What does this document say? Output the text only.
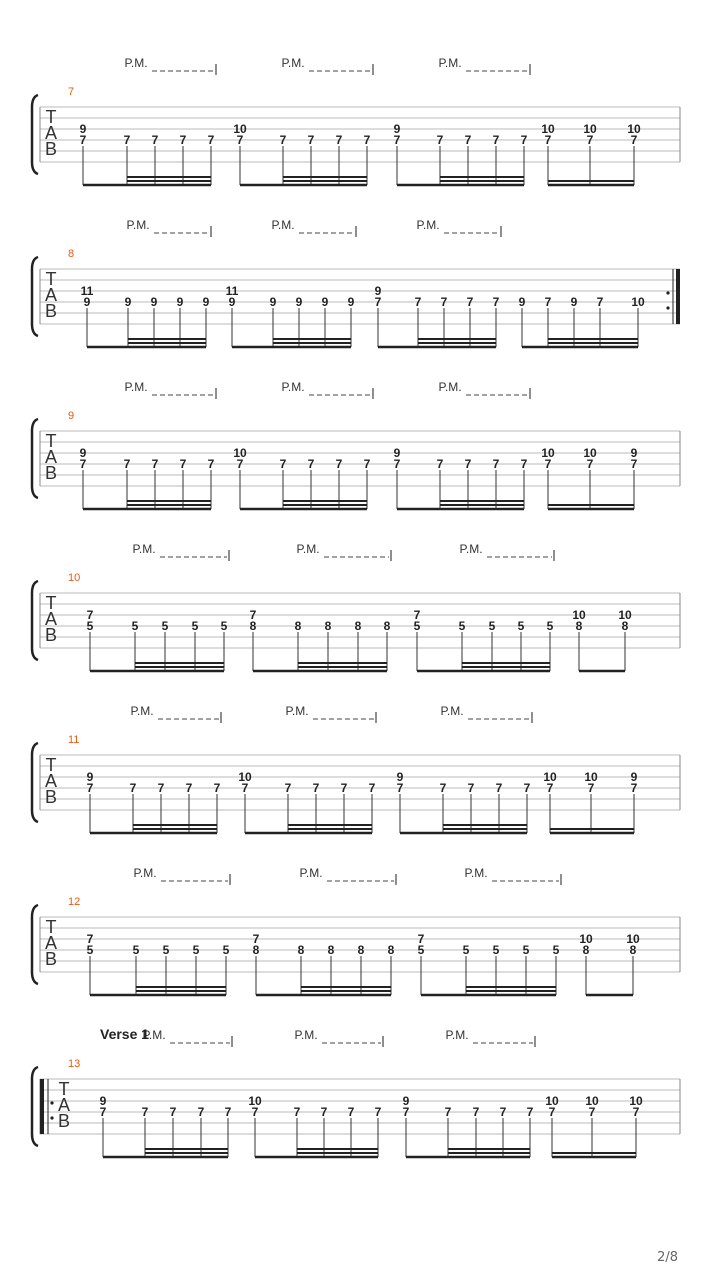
P.M.	P.M.	P.M.
7
T
A
B
9
7	7 7 7 7
10
7	7 7 7 7
9
7	7 7 7 7
10
7
10
7
10
7
P.M.	P.M.	P.M.
8
T
A
B
11
9	9 9 9 9
11
9	9 9 9 9
9
7	7 7 7 7 9 7 9 7 10
P.M.	P.M.	P.M.
9
T
A
B
9
7	7 7 7 7
10
7	7 7 7 7
9
7	7 7 7 7
10
7
10
7
9
7
P.M.	P.M.	P.M.
10
T
A
B
7
5	5 5 5 5
7
8	8 8 8 8
7
5	5 5 5 5
10
8
10
8
P.M.	P.M.	P.M.
11
T
A
B
9
7	7 7 7 7
10
7	7 7 7 7
9
7	7 7 7 7
10
7
10
7
9
7
P.M.	P.M.	P.M.
12
T
A
B
7
5	5 5 5 5
7
8	8 8 8 8
7
5	5 5 5 5
10
8
10
8
P.M.	P.M.	P.M.
Verse 1
13
T
A
B
9
7	7 7 7 7
10
7	7 7 7 7
9
7	7 7 7 7
10
7
10
7
10
7
2/8
